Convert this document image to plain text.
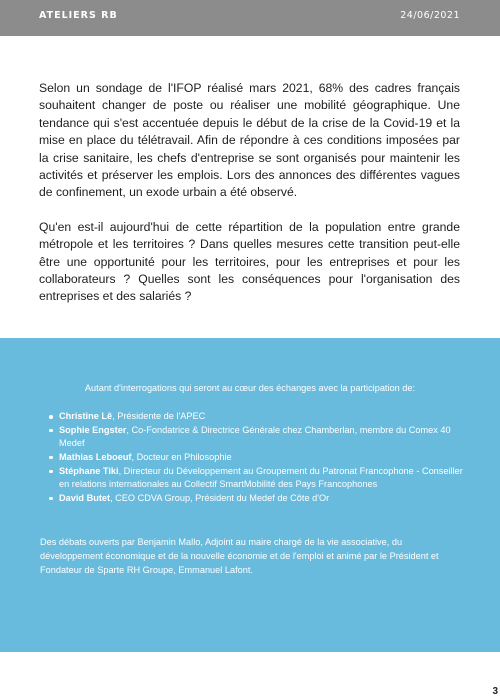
ATELIERS RB	24/06/2021

Selon un sondage de l'IFOP réalisé mars 2021, 68% des cadres français souhaitent changer de poste ou réaliser une mobilité géographique. Une tendance qui s'est accentuée depuis le début de la crise de la Covid-19 et la mise en place du télétravail. Afin de répondre à ces conditions imposées par la crise sanitaire, les chefs d'entreprise se sont organisés pour maintenir les activités et préserver les emplois. Lors des annonces des différentes vagues de confinement, un exode urbain a été observé.

Qu'en est-il aujourd'hui de cette répartition de la population entre grande métropole et les territoires ? Dans quelles mesures cette transition peut-elle être une opportunité pour les territoires, pour les entreprises et pour les collaborateurs ? Quelles sont les conséquences pour l'organisation des entreprises et des salariés ?

Autant d'interrogations qui seront au cœur des échanges avec la participation de:

Christine Lê, Présidente de l'APEC
Sophie Engster, Co-Fondatrice & Directrice Générale chez Chamberlan, membre du Comex 40 Medef
Mathias Leboeuf, Docteur en Philosophie
Stéphane Tiki, Directeur du Développement au Groupement du Patronat Francophone - Conseiller en relations internationales au Collectif SmartMobilité des Pays Francophones
David Butet, CEO CDVA Group, Président du Medef de Côte d'Or

Des débats ouverts par Benjamin Mallo, Adjoint au maire chargé de la vie associative, du développement économique et de la nouvelle économie et de l'emploi et animé par le Président et Fondateur de Sparte RH Groupe, Emmanuel Lafont.

3
